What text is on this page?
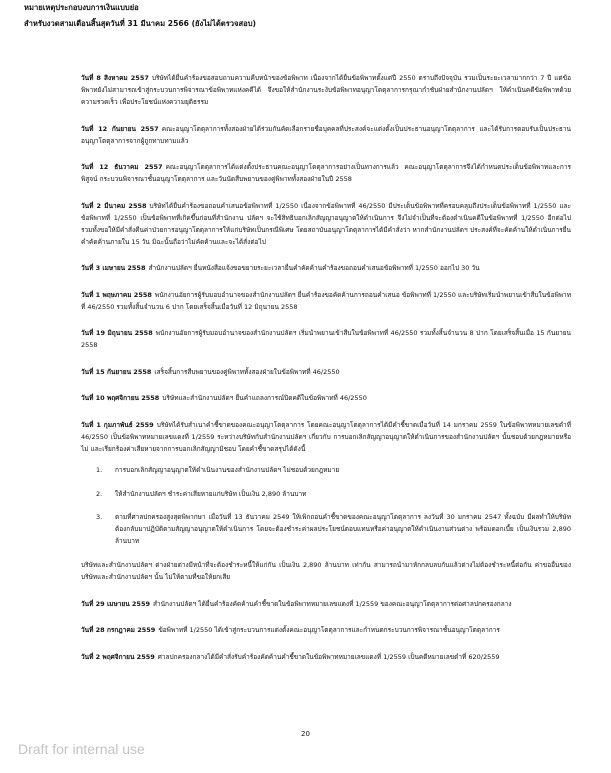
หมายเหตุประกอบงบการเงินแบบย่อ
สำหรับงวดสามเดือนสิ้นสุดวันที่ 31 มีนาคม 2566 (ยังไม่ได้ตรวจสอบ)

วันที่ 8 สิงหาคม 2557 บริษัทได้ยื่นคำร้องขอสอบถามความคืบหน้าของข้อพิพาท เนื่องจากได้ยื่นข้อพิพาทตั้งแต่ปี 2550 ตราบถึงปัจจุบัน รวมเป็นระยะเวลามากกว่า 7 ปี แต่ข้อพิพาทยังไม่สามารถเข้าสู่กระบวนการพิจารณาข้อพิพาทแห่งคดีได้ จึงขอให้สำนักงานระงับข้อพิพาทอนุญาโตตุลาการกรุณากำชับฝ่ายสำนักงานปลัดฯ ให้ดำเนินคดีข้อพิพาทด้วยความรวดเร็ว เพื่อประโยชน์แห่งความยุติธรรม

วันที่ 12 กันยายน 2557 คณะอนุญาโตตุลาการทั้งสองฝ่ายได้ร่วมกันคัดเลือกรายชื่อบุคคลที่ประสงค์จะแต่งตั้งเป็นประธานอนุญาโตตุลาการ และได้รับการตอบรับเป็นประธานอนุญาโตตุลาการจากผู้ถูกทาบทามแล้ว

วันที่ 12 ธันวาคม 2557 คณะอนุญาโตตุลาการได้แต่งตั้งประธานคณะอนุญาโตตุลาการอย่างเป็นทางการแล้ว คณะอนุญาโตตุลาการจึงได้กำหนดประเด็นข้อพิพาทและการพิสูจน์ กระบวนพิจารณาชั้นอนุญาโตตุลาการ และวันนัดสืบพยานของคู่พิพาททั้งสองฝ่ายในปี 2558

วันที่ 2 มีนาคม 2558 บริษัทได้ยื่นคำร้องขอถอนคำเสนอข้อพิพาทที่ 1/2550 เนื่องจากข้อพิพาทที่ 46/2550 มีประเด็นข้อพิพาทที่ครอบคลุมถึงประเด็นข้อพิพาทที่ 1/2550 และข้อพิพาทที่ 1/2550 เป็นข้อพิพาทที่เกิดขึ้นก่อนที่สำนักงาน ปลัดฯ จะใช้สิทธิบอกเลิกสัญญาอนุญาตให้ดำเนินการ จึงไม่จำเป็นที่จะต้องดำเนินคดีในข้อพิพาทที่ 1/2550 อีกต่อไป รวมทั้งขอให้มีคำสั่งคืนค่าป่วยการอนุญาโตตุลาการให้แก่บริษัทเป็นกรณีพิเศษ โดยสถาบันอนุญาโตตุลาการได้มีคำสั่งว่า หากสำนักงานปลัดฯ ประสงค์ที่จะคัดค้านให้ดำเนินการยื่นคำคัดค้านภายใน 15 วัน มิฉะนั้นถือว่าไม่คัดค้านและจะได้สั่งต่อไป

วันที่ 3 เมษายน 2558 สำนักงานปลัดฯ ยื่นหนังสือแจ้งขอขยายระยะเวลายื่นคำคัดค้านคำร้องขอถอนคำเสนอข้อพิพาทที่ 1/2550 ออกไป 30 วัน

วันที่ 1 พฤษภาคม 2558 พนักงานอัยการผู้รับมอบอำนาจของสำนักงานปลัดฯ ยื่นคำร้องขอคัดค้านการถอนคำเสนอ ข้อพิพาทที่ 1/2550 และบริษัทเริ่มนำพยานเข้าสืบในข้อพิพาทที่ 46/2550 รวมทั้งสิ้นจำนวน 6 ปาก โดยเสร็จสิ้นเมื่อวันที่ 12 มิถุนายน 2558

วันที่ 19 มิถุนายน 2558 พนักงานอัยการผู้รับมอบอำนาจของสำนักงานปลัดฯ เริ่มนำพยานเข้าสืบในข้อพิพาทที่ 46/2550 รวมทั้งสิ้นจำนวน 8 ปาก โดยเสร็จสิ้นเมื่อ 15 กันยายน 2558

วันที่ 15 กันยายน 2558 เสร็จสิ้นการสืบพยานของคู่พิพาททั้งสองฝ่ายในข้อพิพาทที่ 46/2550

วันที่ 10 พฤศจิกายน 2558 บริษัทและสำนักงานปลัดฯ ยื่นคำแถลงการณ์ปิดคดีในข้อพิพาทที่ 46/2550

วันที่ 1 กุมภาพันธ์ 2559 บริษัทได้รับสำเนาคำชี้ขาดของคณะอนุญาโตตุลาการ โดยคณะอนุญาโตตุลาการได้มีคำชี้ขาดเมื่อวันที่ 14 มกราคม 2559 ในข้อพิพาทหมายเลขดำที่ 46/2550 เป็นข้อพิพาทหมายเลขแดงที่ 1/2559 ระหว่างบริษัทกับสำนักงานปลัดฯ เกี่ยวกับ การบอกเลิกสัญญาอนุญาตให้ดำเนินการของสำนักงานปลัดฯ นั้นชอบด้วยกฎหมายหรือไม่ และเรียกร้องค่าเสียหายจากการบอกเลิกสัญญามิชอบ โดยคำชี้ขาดสรุปได้ดังนี้

1. การบอกเลิกสัญญาอนุญาตให้ดำเนินงานของสำนักงานปลัดฯ ไม่ชอบด้วยกฎหมาย
2. ให้สำนักงานปลัดฯ ชำระค่าเสียหายแก่บริษัท เป็นเงิน 2,890 ล้านบาท
3. ตามที่ศาลปกครองสูงสุดพิพากษา เมื่อวันที่ 13 ธันวาคม 2549 ให้เพิกถอนคำชี้ขาดของคณะอนุญาโตตุลาการ ลงวันที่ 30 มกราคม 2547 ทั้งฉบับ มีผลทำให้บริษัทต้องกลับมาปฏิบัติตามสัญญาอนุญาตให้ดำเนินการ โดยจะต้องชำระค่าผลประโยชน์ตอบแทนหรือค่าอนุญาตให้ดำเนินงานส่วนต่าง พร้อมดอกเบี้ย เป็นเงินรวม 2,890 ล้านบาท

บริษัทและสำนักงานปลัดฯ ต่างฝ่ายต่างมีหน้าที่จะต้องชำระหนี้ให้แก่กัน เป็นเงิน 2,890 ล้านบาท เท่ากัน สามารถนำมาหักกลบลบกันแล้วต่างไม่ต้องชำระหนี้ต่อกัน ค่าขออื่นของบริษัทและสำนักงานปลัดฯ นั้น ไม่ให้ตามที่ขอให้ยกเสีย

วันที่ 29 เมษายน 2559 สำนักงานปลัดฯ ได้ยื่นคำร้องคัดค้านคำชี้ขาดในข้อพิพาทหมายเลขแดงที่ 1/2559 ของคณะอนุญาโตตุลาการต่อศาลปกครองกลาง

วันที่ 28 กรกฎาคม 2559 ข้อพิพาทที่ 1/2550 ได้เข้าสู่กระบวนการแต่งตั้งคณะอนุญาโตตุลาการและกำหนดกระบวนการพิจารณาชั้นอนุญาโตตุลาการ

วันที่ 2 พฤศจิกายน 2559 ศาลปกครองกลางได้มีคำสั่งรับคำร้องคัดค้านคำชี้ขาดในข้อพิพาทหมายเลขแดงที่ 1/2559 เป็นคดีหมายเลขดำที่ 620/2559

20
Draft for internal use
